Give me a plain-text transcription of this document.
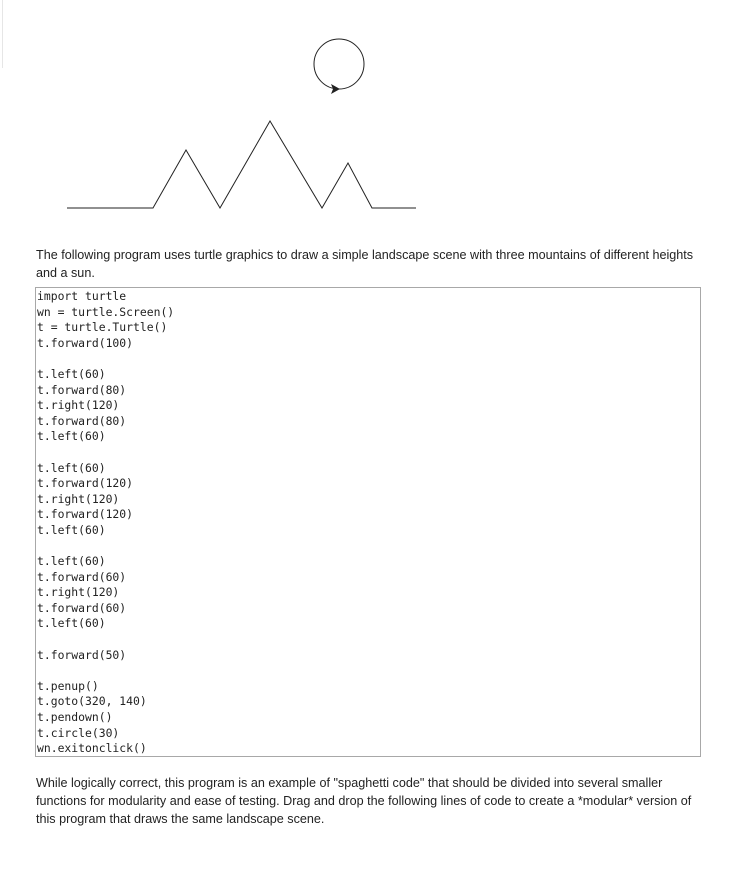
The following program uses turtle graphics to draw a simple landscape scene with three mountains of different heights and a sun.

import turtle
wn = turtle.Screen()
t = turtle.Turtle()
t.forward(100)
t.left(60)
t.forward(80)
t.right(120)
t.forward(80)
t.left(60)
t.left(60)
t.forward(120)
t.right(120)
t.forward(120)
t.left(60)
t.left(60)
t.forward(60)
t.right(120)
t.forward(60)
t.left(60)
t.forward(50)
t.penup()
t.goto(320, 140)
t.pendown()
t.circle(30)
wn.exitonclick()

While logically correct, this program is an example of "spaghetti code" that should be divided into several smaller functions for modularity and ease of testing. Drag and drop the following lines of code to create a *modular* version of this program that draws the same landscape scene.
